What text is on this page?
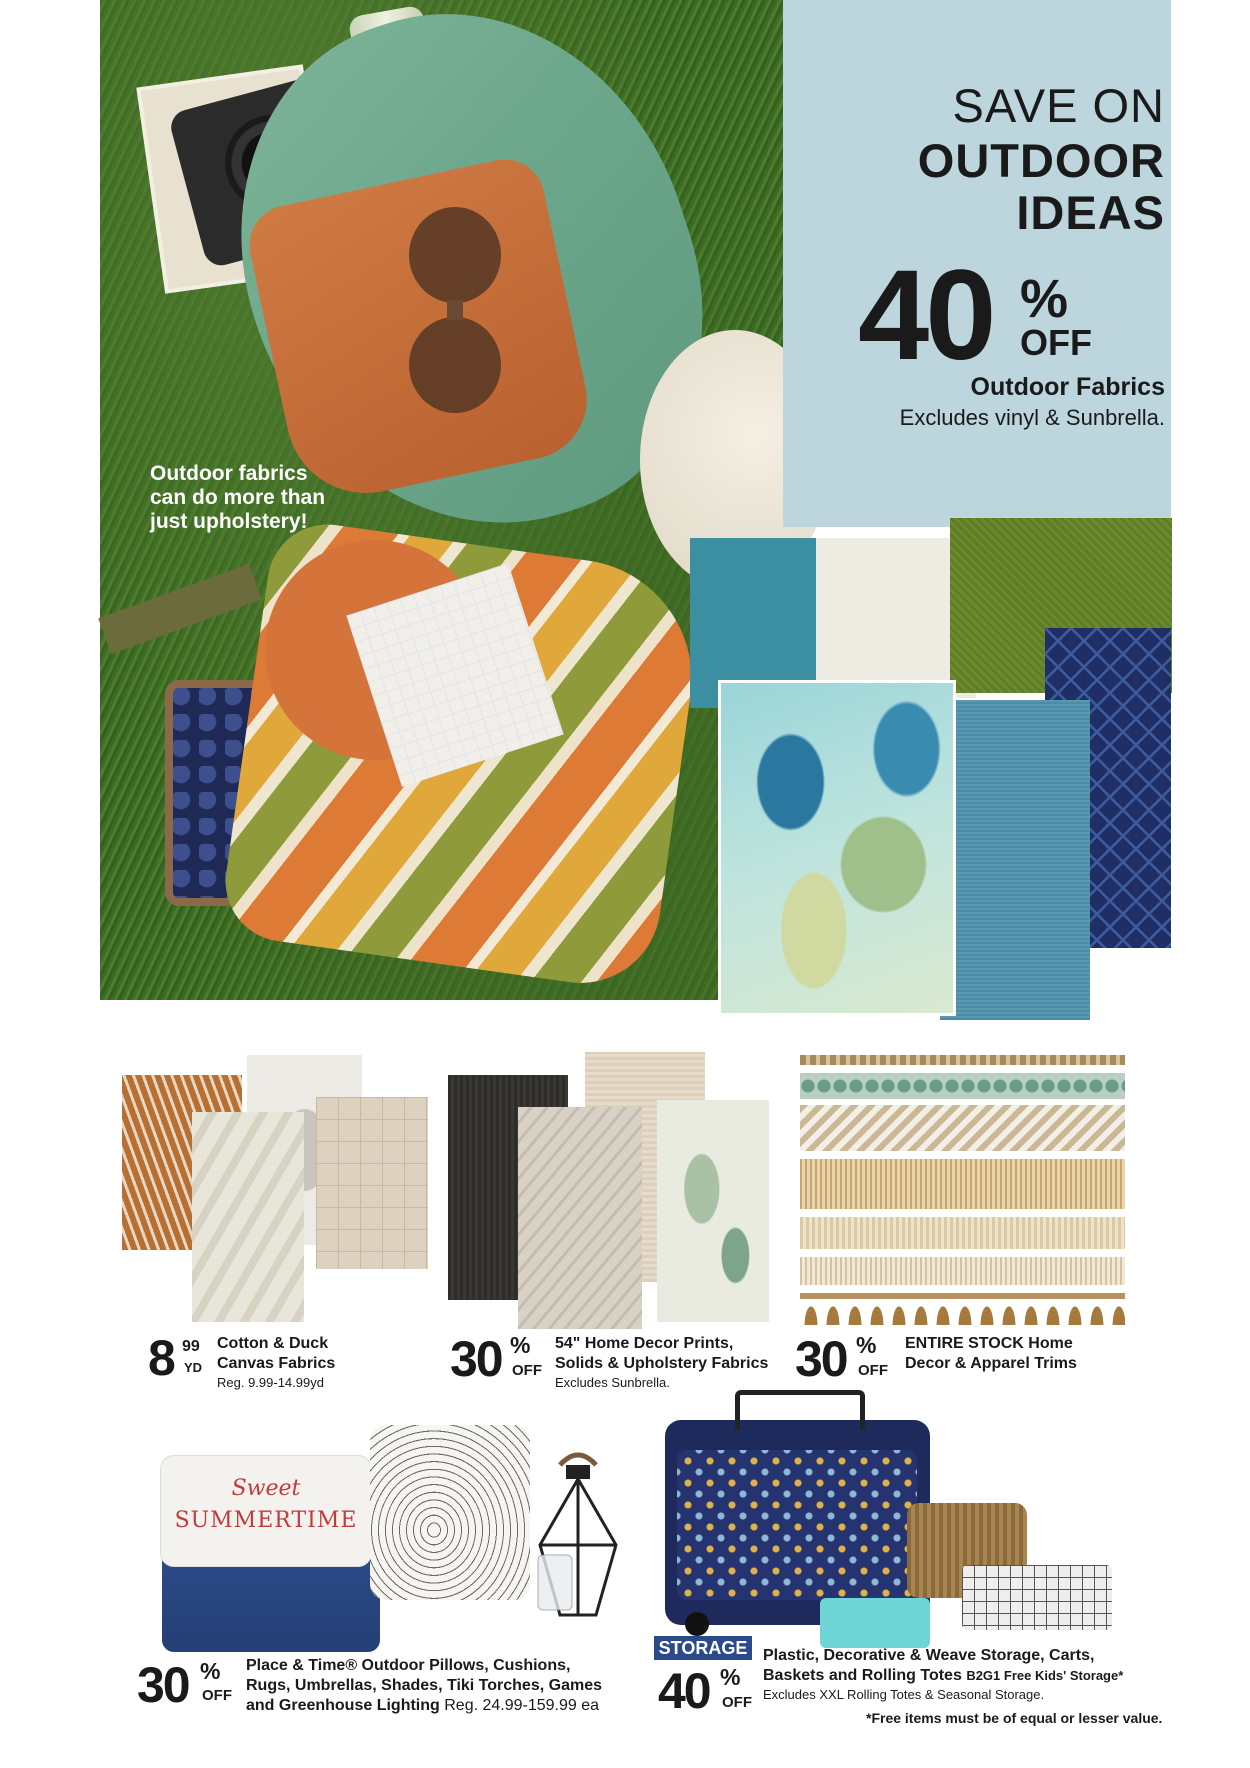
Outdoor fabrics
can do more than
just upholstery!
SAVE ON
OUTDOOR
IDEAS
40 %
OFF
Outdoor Fabrics
Excludes vinyl & Sunbrella.
8 99
YD
Cotton & Duck
Canvas Fabrics
Reg. 9.99-14.99yd	30 %
OFF
54" Home Decor Prints,
Solids & Upholstery Fabrics
Excludes Sunbrella.	30 %
OFF
ENTIRE STOCK Home
Decor & Apparel Trims
Sweet
SUMMERTIME
30 %
OFF
Place & Time® Outdoor Pillows, Cushions,
Rugs, Umbrellas, Shades, Tiki Torches, Games
and Greenhouse Lighting Reg. 24.99-159.99 ea
STORAGE
40 %
OFF
Plastic, Decorative & Weave Storage, Carts,
Baskets and Rolling Totes B2G1 Free Kids' Storage*
Excludes XXL Rolling Totes & Seasonal Storage.
*Free items must be of equal or lesser value.
